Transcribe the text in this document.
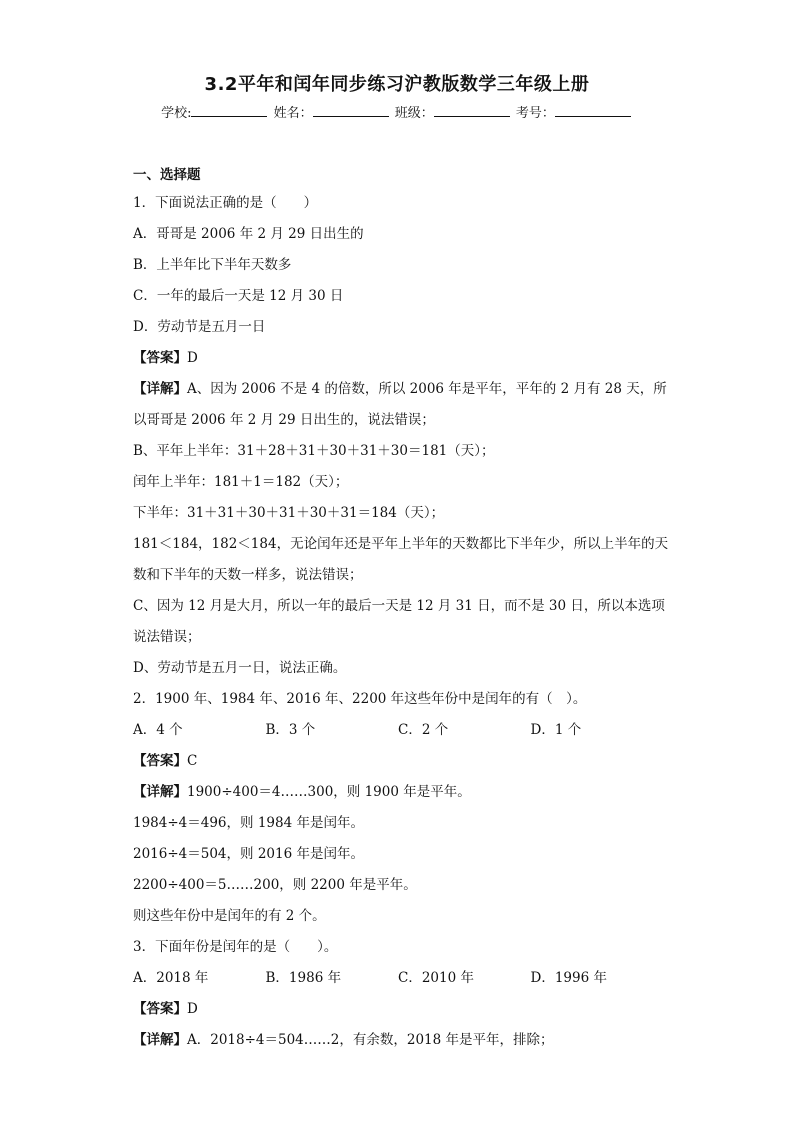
3.2平年和闰年同步练习沪教版数学三年级上册
学校:	姓名：	班级：	考号：
一、选择题
1．下面说法正确的是（　　）
A．哥哥是 2006 年 2 月 29 日出生的
B．上半年比下半年天数多
C．一年的最后一天是 12 月 30 日
D．劳动节是五月一日
【答案】D
【详解】A、因为 2006 不是 4 的倍数，所以 2006 年是平年，平年的 2 月有 28 天，所
以哥哥是 2006 年 2 月 29 日出生的，说法错误；
B、平年上半年：31＋28＋31＋30＋31＋30＝181（天）；
闰年上半年：181＋1＝182（天）；
下半年：31＋31＋30＋31＋30＋31＝184（天）；
181＜184，182＜184，无论闰年还是平年上半年的天数都比下半年少，所以上半年的天
数和下半年的天数一样多，说法错误；
C、因为 12 月是大月，所以一年的最后一天是 12 月 31 日，而不是 30 日，所以本选项
说法错误；
D、劳动节是五月一日，说法正确。
2．1900 年、1984 年、2016 年、2200 年这些年份中是闰年的有（　）。
A．4 个	B．3 个	C．2 个	D．1 个
【答案】C
【详解】1900÷400＝4……300，则 1900 年是平年。
1984÷4＝496，则 1984 年是闰年。
2016÷4＝504，则 2016 年是闰年。
2200÷400＝5……200，则 2200 年是平年。
则这些年份中是闰年的有 2 个。
3．下面年份是闰年的是（　　）。
A．2018 年	B．1986 年	C．2010 年	D．1996 年
【答案】D
【详解】A．2018÷4＝504……2，有余数，2018 年是平年，排除；
